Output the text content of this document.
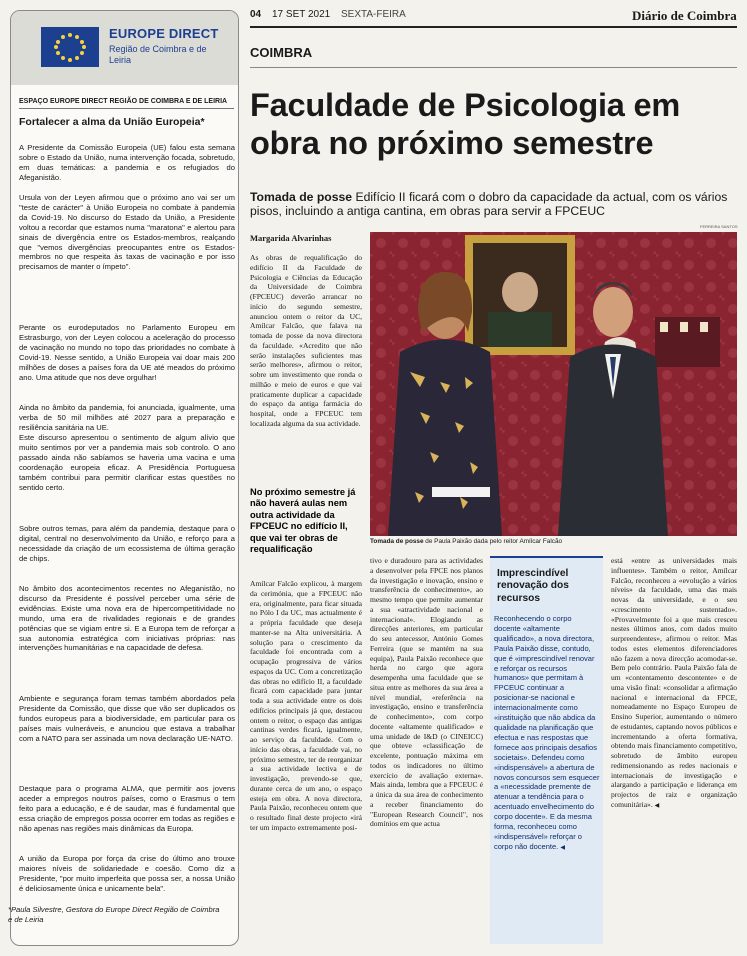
EUROPE DIRECT
Região de Coimbra e de Leiria
ESPAÇO EUROPE DIRECT REGIÃO DE COIMBRA E DE LEIRIA
Fortalecer a alma da União Europeia*
A Presidente da Comissão Europeia (UE) falou esta semana sobre o Estado da União, numa intervenção focada, sobretudo, em duas temáticas: a pandemia e os refugiados do Afeganistão.
Ursula von der Leyen afirmou que o próximo ano vai ser um "teste de carácter" à União Europeia no combate à pandemia da Covid-19. No discurso do Estado da União, a Presidente voltou a recordar que estamos numa "maratona" e alertou para sinais de divergência entre os Estados-membros, realçando que "vemos divergências preocupantes entre os Estados-membros no que respeita às taxas de vacinação e por isso precisamos de manter o ímpeto".
Perante os eurodeputados no Parlamento Europeu em Estrasburgo, von der Leyen colocou a aceleração do processo de vacinação no mundo no topo das prioridades no combate à Covid-19. Nesse sentido, a União Europeia vai doar mais 200 milhões de doses a países fora da UE até meados do próximo ano. Uma atitude que nos deve orgulhar!
Ainda no âmbito da pandemia, foi anunciada, igualmente, uma verba de 50 mil milhões até 2027 para a preparação e resiliência sanitária na UE.
Este discurso apresentou o sentimento de algum alívio que muito sentimos por ver a pandemia mais sob controlo. O ano passado ainda não sabíamos se haveria uma vacina e uma coordenação europeia eficaz. A Presidência Portuguesa também contribui para permitir clarificar estas questões no sentido certo.
Sobre outros temas, para além da pandemia, destaque para o digital, central no desenvolvimento da União, e reforço para a necessidade da criação de um ecossistema de última geração de chips.
No âmbito dos acontecimentos recentes no Afeganistão, no discurso da Presidente é possível perceber uma série de evidências. Existe uma nova era de hipercompetitividade no mundo, uma era de rivalidades regionais e de grandes potências que se vigiam entre si. E a Europa tem de reforçar a sua autonomia estratégica com iniciativas próprias: nas intervenções humanitárias e na capacidade de defesa.
Ambiente e segurança foram temas também abordados pela Presidente da Comissão, que disse que vão ser duplicados os fundos europeus para a biodiversidade, em particular para os países mais vulneráveis, e anunciou que estava a trabalhar com a NATO para ser assinada um nova declaração UE-NATO.
Destaque para o programa ALMA, que permitir aos jovens aceder a empregos noutros países, como o Erasmus o tem feito para a educação, e é de saudar, mas é fundamental que essa criação de empregos possa ocorrer em todas as regiões e não apenas nas regiões mais dinâmicas da Europa.
A união da Europa por força da crise do último ano trouxe maiores níveis de solidariedade e coesão. Como diz a Presidente, "por muito imperfeita que possa ser, a nossa União é deliciosamente única e unicamente bela".
*Paula Silvestre, Gestora do Europe Direct Região de Coimbra e de Leiria
04 17 SET 2021 SEXTA-FEIRA	Diário de Coimbra
COIMBRA
Faculdade de Psicologia em obra no próximo semestre
Tomada de posse Edifício II ficará com o dobro da capacidade da actual, com os vários pisos, incluindo a antiga cantina, em obras para servir a FPCEUC
FERREIRA SANTOS
Margarida Alvarinhas
As obras de requalificação do edifício II da Faculdade de Psicologia e Ciências da Educação da Universidade de Coimbra (FPCEUC) deverão arrancar no início do segundo semestre, anunciou ontem o reitor da UC, Amílcar Falcão, que falava na tomada de posse da nova directora da faculdade. «Acredito que não serão instalações suficientes mas serão melhores», afirmou o reitor, sobre um investimento que ronda o milhão e meio de euros e que vai praticamente duplicar a capacidade do espaço da antiga farmácia do hospital, onde a FPCEUC tem localizada alguma da sua actividade.
No próximo semestre já não haverá aulas nem outra actividade da FPCEUC no edifício II, que vai ter obras de requalificação
Amílcar Falcão explicou, à margem da cerimónia, que a FPCEUC não era, originalmente, para ficar situada no Pólo I da UC, mas actualmente é a própria faculdade que deseja manter-se na Alta universitária. A solução para o crescimento da faculdade foi encontrada com a ocupação progressiva de vários espaços da UC. Com a concretização das obras no edifício II, a faculdade ficará com capacidade para juntar toda a sua actividade entre os dois edifícios principais já que, destacou ontem o reitor, o espaço das antigas cantinas verdes ficará, igualmente, ao serviço da faculdade. Com o início das obras, a faculdade vai, no próximo semestre, ter de reorganizar a sua actividade lectiva e de investigação, prevendo-se que, durante cerca de um ano, o espaço esteja em obra. A nova directora, Paula Paixão, reconheceu ontem que o resultado final deste projecto «irá ter um impacto extremamente posi-
Tomada de posse de Paula Paixão dada pelo reitor Amílcar Falcão
tivo e duradouro para as actividades a desenvolver pela FPCE nos planos da investigação e inovação, ensino e transferência de conhecimento», ao mesmo tempo que permite aumentar a sua «atractividade nacional e internacional». Elogiando as direcções anteriores, em particular do seu antecessor, António Gomes Ferreira (que se mantém na sua equipa), Paula Paixão reconhece que herda no cargo que agora desempenha uma faculdade que se situa entre as melhores da sua área a nível mundial, «referência na investigação, ensino e transferência de conhecimento», com corpo docente «altamente qualificado» e uma unidade de I&D (o CINEICC) que obteve «classificação de excelente, pontuação máxima em todos os indicadores no último exercício de avaliação externa». Mais ainda, lembra que a FPCEUC é a única da sua área de conhecimento a receber financiamento do "European Research Council", nos domínios em que actua
Imprescindível renovação dos recursos
Reconhecendo o corpo docente «altamente qualificado», a nova directora, Paula Paixão disse, contudo, que é «imprescindível renovar e reforçar os recursos humanos» que permitam à FPCEUC continuar a posicionar-se nacional e internacionalmente como «instituição que não abdica da qualidade na planificação que efectua e nas respostas que fornece aos principais desafios societais». Defendeu como «indispensável» a abertura de novos concursos sem esquecer a «necessidade premente de atenuar a tendência para o acentuado envelhecimento do corpo docente». E da mesma forma, reconheceu como «indispensável» reforçar o corpo não docente. ◀
está «entre as universidades mais influentes». Também o reitor, Amílcar Falcão, reconheceu a «evolução a vários níveis» da faculdade, uma das mais novas da universidade, e o seu «crescimento sustentado». «Provavelmente foi a que mais cresceu nestes últimos anos, com dados muito surpreendentes», afirmou o reitor. Mas todos estes elementos diferenciadores não fazem a nova direcção acomodar-se. Bem pelo contrário. Paula Paixão fala de um «contentamento descontente» e de uma visão final: «consolidar a afirmação nacional e internacional da FPCE, nomeadamente no Espaço Europeu de Ensino Superior, aumentando o número de estudantes, captando novos públicos e incrementando a oferta formativa, obtendo mais financiamento competitivo, sobretudo de âmbito europeu redimensionando as redes nacionais e internacionais de investigação e alargando a participação e liderança em projectos de raiz e organização comunitária». ◀
